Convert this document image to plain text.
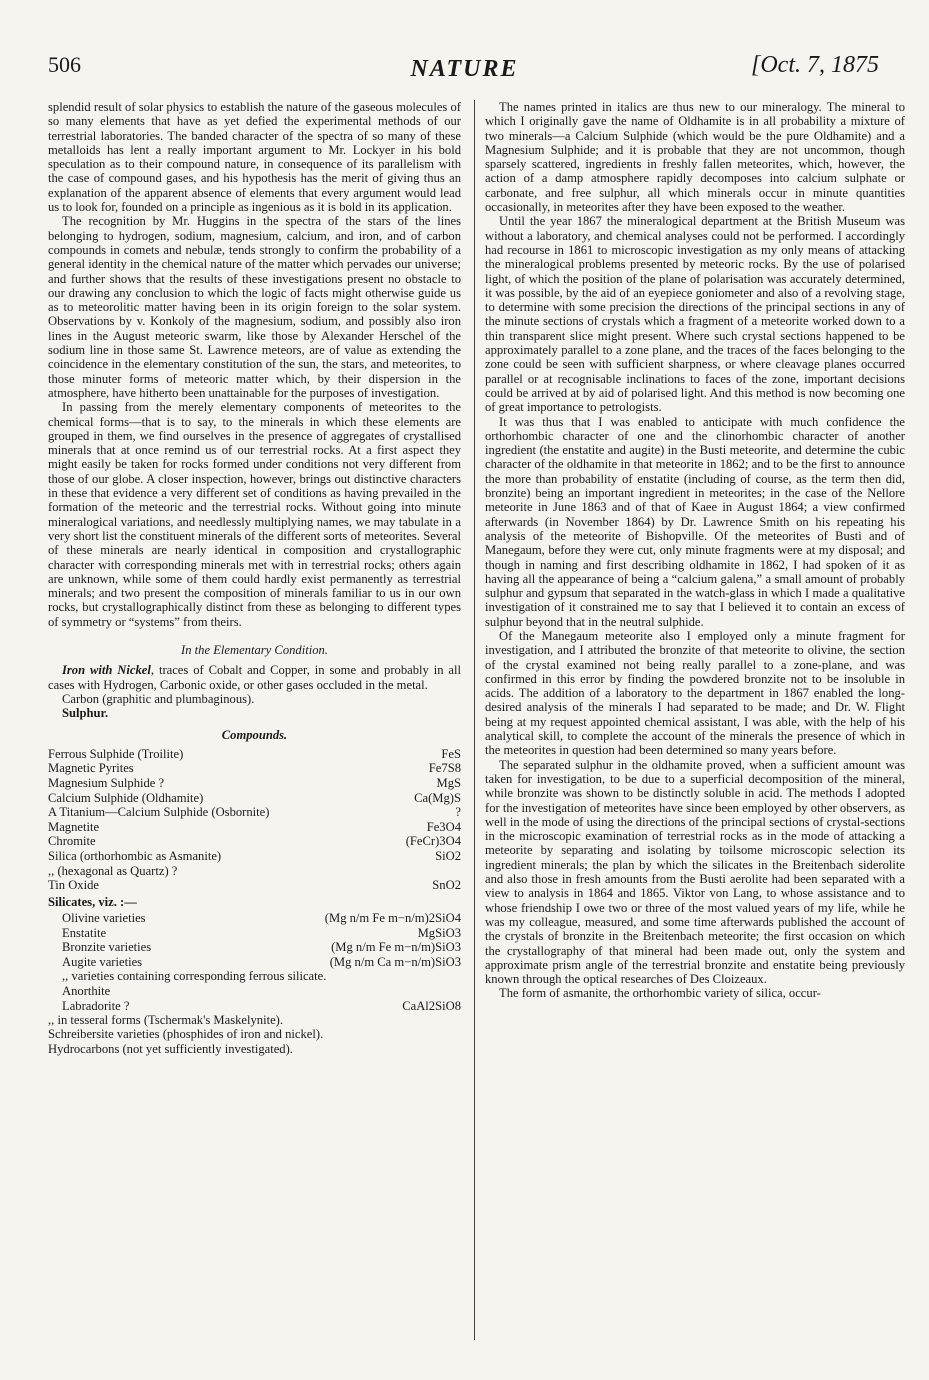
506	NATURE	[Oct. 7, 1875

splendid result of solar physics to establish the nature of the gaseous molecules of so many elements that have as yet defied the experimental methods of our terrestrial laboratories. The banded character of the spectra of so many of these metalloids has lent a really important argument to Mr. Lockyer in his bold speculation as to their compound nature, in consequence of its parallelism with the case of compound gases, and his hypothesis has the merit of giving thus an explanation of the apparent absence of elements that every argument would lead us to look for, founded on a principle as ingenious as it is bold in its application.

The recognition by Mr. Huggins in the spectra of the stars of the lines belonging to hydrogen, sodium, magnesium, calcium, and iron, and of carbon compounds in comets and nebulæ, tends strongly to confirm the probability of a general identity in the chemical nature of the matter which pervades our universe; and further shows that the results of these investigations present no obstacle to our drawing any conclusion to which the logic of facts might otherwise guide us as to meteorolitic matter having been in its origin foreign to the solar system. Observations by v. Konkoly of the magnesium, sodium, and possibly also iron lines in the August meteoric swarm, like those by Alexander Herschel of the sodium line in those same St. Lawrence meteors, are of value as extending the coincidence in the elementary constitution of the sun, the stars, and meteorites, to those minuter forms of meteoric matter which, by their dispersion in the atmosphere, have hitherto been unattainable for the purposes of investigation.

In passing from the merely elementary components of meteorites to the chemical forms—that is to say, to the minerals in which these elements are grouped in them, we find ourselves in the presence of aggregates of crystallised minerals that at once remind us of our terrestrial rocks. At a first aspect they might easily be taken for rocks formed under conditions not very different from those of our globe. A closer inspection, however, brings out distinctive characters in these that evidence a very different set of conditions as having prevailed in the formation of the meteoric and the terrestrial rocks. Without going into minute mineralogical variations, and needlessly multiplying names, we may tabulate in a very short list the constituent minerals of the different sorts of meteorites. Several of these minerals are nearly identical in composition and crystallographic character with corresponding minerals met with in terrestrial rocks; others again are unknown, while some of them could hardly exist permanently as terrestrial minerals; and two present the composition of minerals familiar to us in our own rocks, but crystallographically distinct from these as belonging to different types of symmetry or “systems” from theirs.

In the Elementary Condition.

Iron with Nickel, traces of Cobalt and Copper, in some and probably in all cases with Hydrogen, Carbonic oxide, or other gases occluded in the metal.

Carbon (graphitic and plumbaginous).

Sulphur.

Compounds.
Ferrous Sulphide (Troilite)	FeS
Magnetic Pyrites	Fe7S8
Magnesium Sulphide ?	MgS
Calcium Sulphide (Oldhamite)	Ca(Mg)S
A Titanium—Calcium Sulphide (Osbornite)	?
Magnetite	Fe3O4
Chromite	(FeCr)3O4
Silica (orthorhombic as Asmanite)	SiO2
,, (hexagonal as Quartz) ?
Tin Oxide	SnO2
Silicates, viz. :—
Olivine varieties	(Mg n/m Fe m−n/m)2SiO4
Enstatite	MgSiO3
Bronzite varieties	(Mg n/m Fe m−n/m)SiO3
Augite varieties	(Mg n/m Ca m−n/m)SiO3
,, varieties containing corresponding ferrous silicate.
Anorthite
Labradorite ?	CaAl2SiO8
,, in tesseral forms (Tschermak's Maskelynite).
Schreibersite varieties (phosphides of iron and nickel).
Hydrocarbons (not yet sufficiently investigated).

The names printed in italics are thus new to our mineralogy. The mineral to which I originally gave the name of Oldhamite is in all probability a mixture of two minerals—a Calcium Sulphide (which would be the pure Oldhamite) and a Magnesium Sulphide; and it is probable that they are not uncommon, though sparsely scattered, ingredients in freshly fallen meteorites, which, however, the action of a damp atmosphere rapidly decomposes into calcium sulphate or carbonate, and free sulphur, all which minerals occur in minute quantities occasionally, in meteorites after they have been exposed to the weather.

Until the year 1867 the mineralogical department at the British Museum was without a laboratory, and chemical analyses could not be performed. I accordingly had recourse in 1861 to microscopic investigation as my only means of attacking the mineralogical problems presented by meteoric rocks. By the use of polarised light, of which the position of the plane of polarisation was accurately determined, it was possible, by the aid of an eyepiece goniometer and also of a revolving stage, to determine with some precision the directions of the principal sections in any of the minute sections of crystals which a fragment of a meteorite worked down to a thin transparent slice might present. Where such crystal sections happened to be approximately parallel to a zone plane, and the traces of the faces belonging to the zone could be seen with sufficient sharpness, or where cleavage planes occurred parallel or at recognisable inclinations to faces of the zone, important decisions could be arrived at by aid of polarised light. And this method is now becoming one of great importance to petrologists.

It was thus that I was enabled to anticipate with much confidence the orthorhombic character of one and the clinorhombic character of another ingredient (the enstatite and augite) in the Busti meteorite, and determine the cubic character of the oldhamite in that meteorite in 1862; and to be the first to announce the more than probability of enstatite (including of course, as the term then did, bronzite) being an important ingredient in meteorites; in the case of the Nellore meteorite in June 1863 and of that of Kaee in August 1864; a view confirmed afterwards (in November 1864) by Dr. Lawrence Smith on his repeating his analysis of the meteorite of Bishopville. Of the meteorites of Busti and of Manegaum, before they were cut, only minute fragments were at my disposal; and though in naming and first describing oldhamite in 1862, I had spoken of it as having all the appearance of being a “calcium galena,” a small amount of probably sulphur and gypsum that separated in the watch-glass in which I made a qualitative investigation of it constrained me to say that I believed it to contain an excess of sulphur beyond that in the neutral sulphide.

Of the Manegaum meteorite also I employed only a minute fragment for investigation, and I attributed the bronzite of that meteorite to olivine, the section of the crystal examined not being really parallel to a zone-plane, and was confirmed in this error by finding the powdered bronzite not to be insoluble in acids. The addition of a laboratory to the department in 1867 enabled the long-desired analysis of the minerals I had separated to be made; and Dr. W. Flight being at my request appointed chemical assistant, I was able, with the help of his analytical skill, to complete the account of the minerals the presence of which in the meteorites in question had been determined so many years before.

The separated sulphur in the oldhamite proved, when a sufficient amount was taken for investigation, to be due to a superficial decomposition of the mineral, while bronzite was shown to be distinctly soluble in acid. The methods I adopted for the investigation of meteorites have since been employed by other observers, as well in the mode of using the directions of the principal sections of crystal-sections in the microscopic examination of terrestrial rocks as in the mode of attacking a meteorite by separating and isolating by toilsome microscopic selection its ingredient minerals; the plan by which the silicates in the Breitenbach siderolite and also those in fresh amounts from the Busti aerolite had been separated with a view to analysis in 1864 and 1865. Viktor von Lang, to whose assistance and to whose friendship I owe two or three of the most valued years of my life, while he was my colleague, measured, and some time afterwards published the account of the crystals of bronzite in the Breitenbach meteorite; the first occasion on which the crystallography of that mineral had been made out, only the system and approximate prism angle of the terrestrial bronzite and enstatite being previously known through the optical researches of Des Cloizeaux.

The form of asmanite, the orthorhombic variety of silica, occur-
